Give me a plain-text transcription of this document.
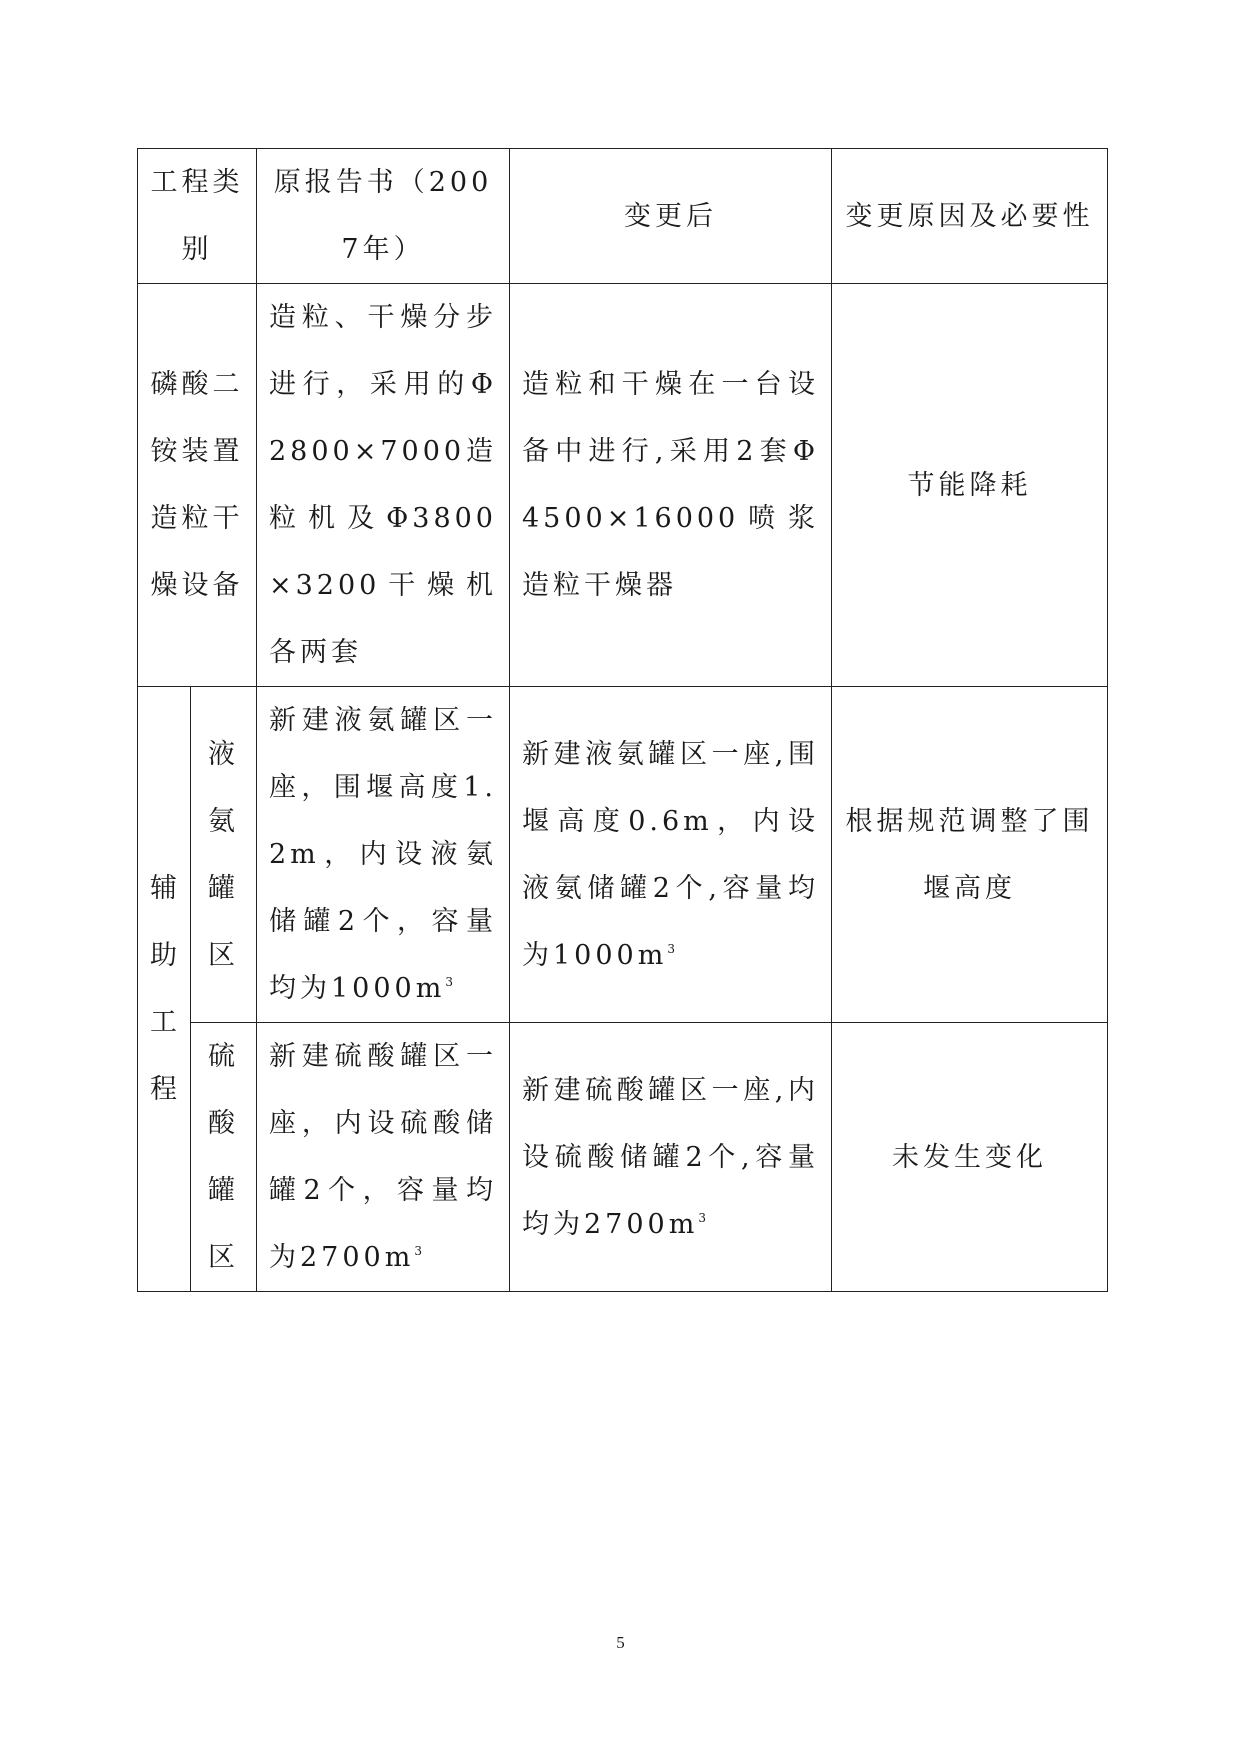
工程类别		原报告书（2007年）	变更后	变更原因及必要性
磷酸二铵装置造粒干燥设备		造粒、干燥分步进行，采用的Φ2800×7000造粒机及Φ3800×3200干燥机各两套	造粒和干燥在一台设备中进行,采用2套Φ4500×16000喷浆造粒干燥器	节能降耗
辅助工程	液氨罐区	新建液氨罐区一座，围堰高度1.2m，内设液氨储罐2个，容量均为$1000m^3$	新建液氨罐区一座,围堰高度0.6m，内设液氨储罐2个,容量均为$1000m^3$	根据规范调整了围堰高度
	硫酸罐区	新建硫酸罐区一座，内设硫酸储罐2个，容量均为$2700m^3$	新建硫酸罐区一座,内设硫酸储罐2个,容量均为$2700m^3$	未发生变化
5
